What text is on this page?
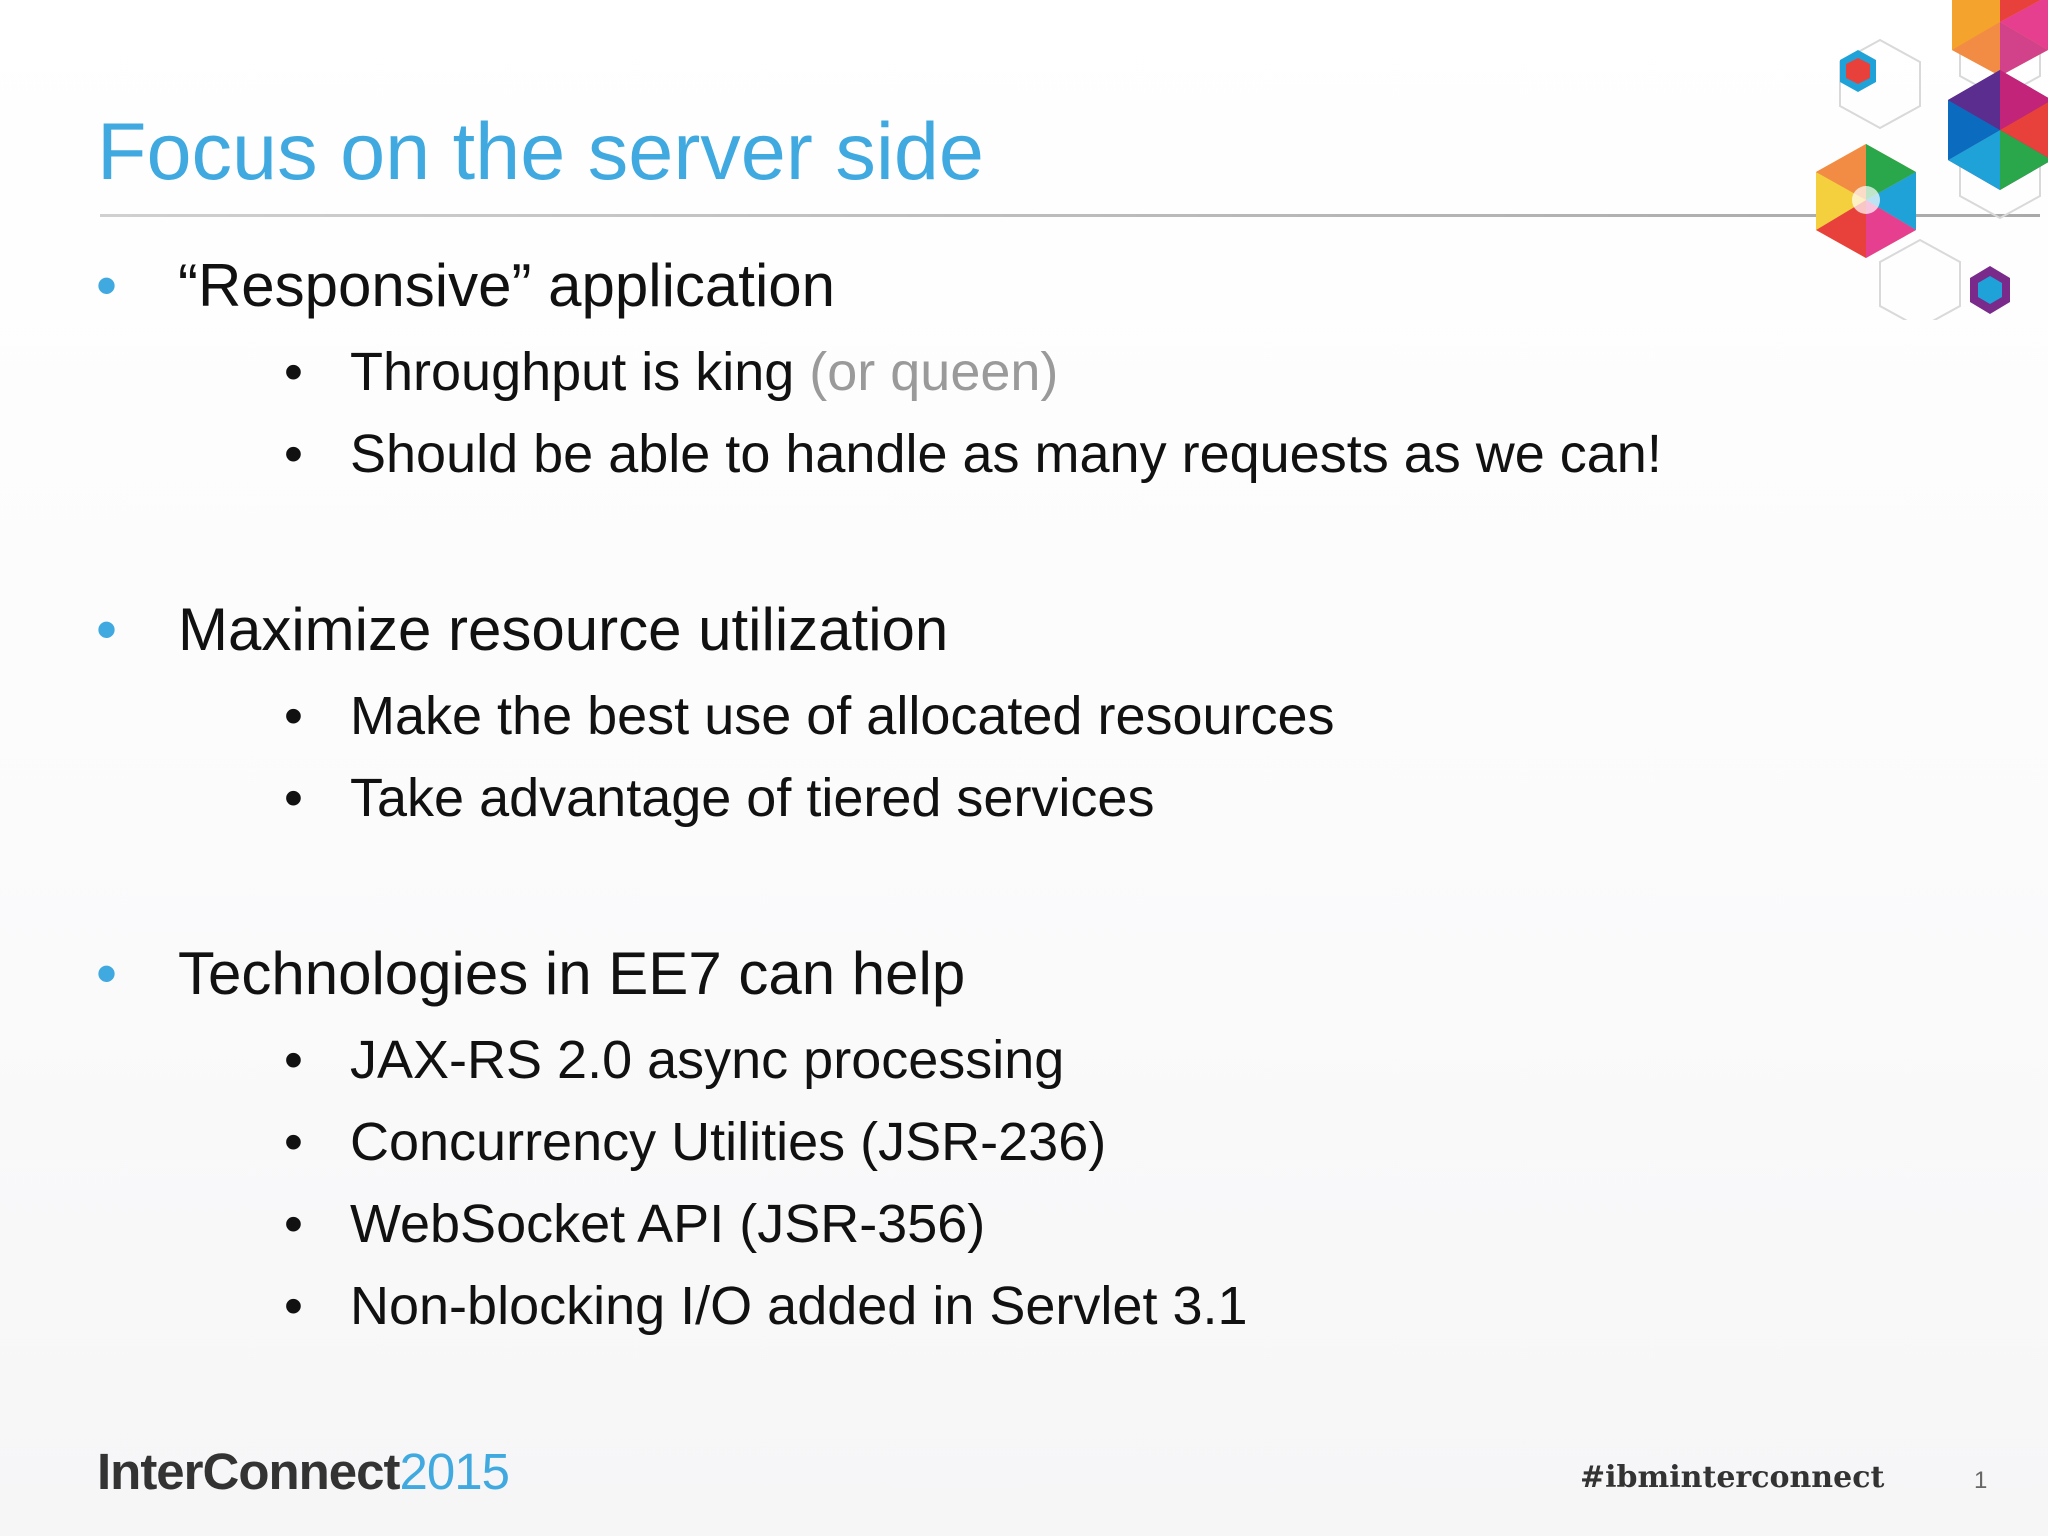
Focus on the server side
• “Responsive” application
• Throughput is king (or queen)
• Should be able to handle as many requests as we can!
• Maximize resource utilization
• Make the best use of allocated resources
• Take advantage of tiered services
• Technologies in EE7 can help
• JAX-RS 2.0 async processing
• Concurrency Utilities (JSR-236)
• WebSocket API (JSR-356)
• Non-blocking I/O added in Servlet 3.1
InterConnect2015	#ibminterconnect	1
